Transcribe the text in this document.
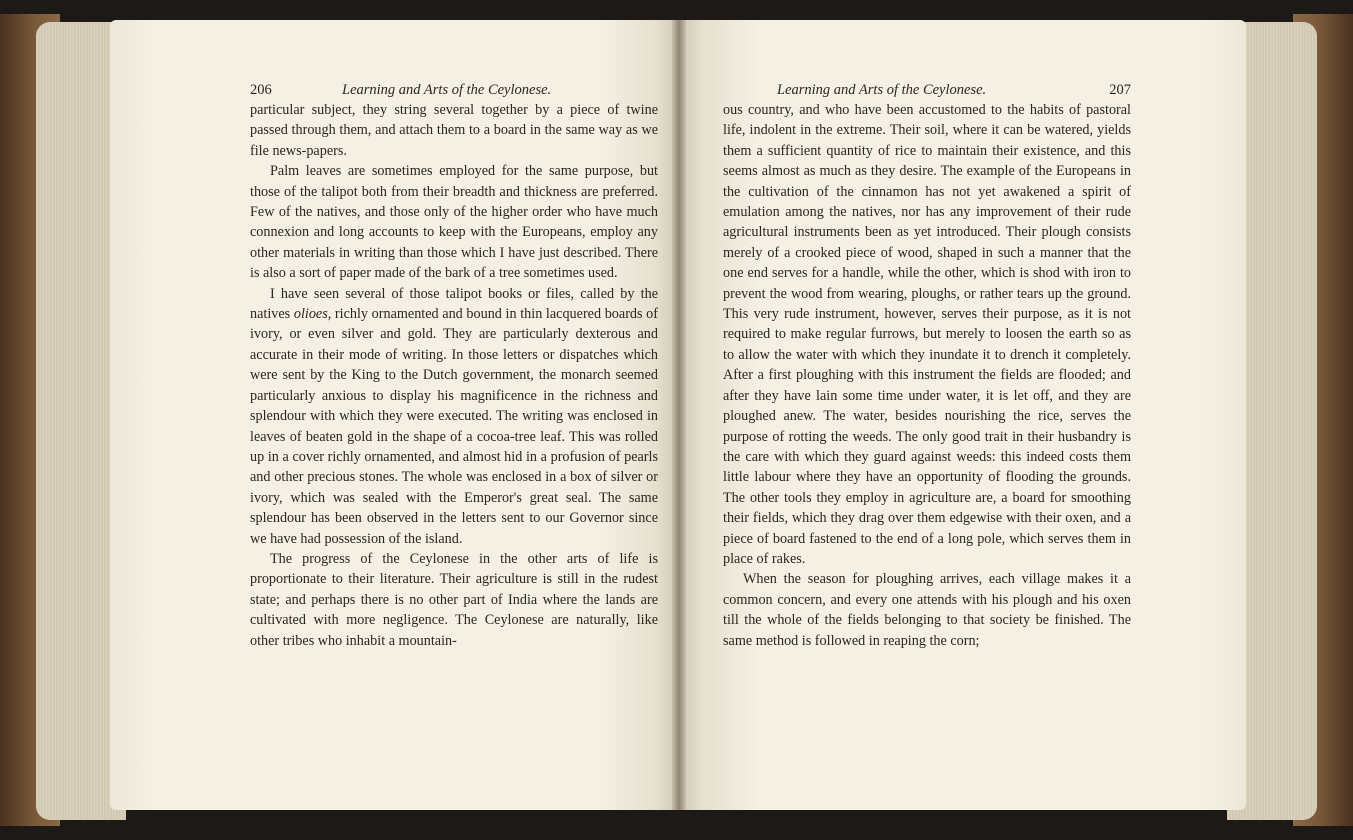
206	Learning and Arts of the Ceylonese.	Learning and Arts of the Ceylonese.	207

particular subject, they string several together by a piece of twine passed through them, and attach them to a board in the same way as we file news-papers.

Palm leaves are sometimes employed for the same purpose, but those of the talipot both from their breadth and thickness are preferred. Few of the natives, and those only of the higher order who have much connexion and long accounts to keep with the Europeans, employ any other materials in writing than those which I have just described. There is also a sort of paper made of the bark of a tree sometimes used.

I have seen several of those talipot books or files, called by the natives olioes, richly ornamented and bound in thin lacquered boards of ivory, or even silver and gold. They are particularly dexterous and accurate in their mode of writing. In those letters or dispatches which were sent by the King to the Dutch government, the monarch seemed particularly anxious to display his magnificence in the richness and splendour with which they were executed. The writing was enclosed in leaves of beaten gold in the shape of a cocoa-tree leaf. This was rolled up in a cover richly ornamented, and almost hid in a profusion of pearls and other precious stones. The whole was enclosed in a box of silver or ivory, which was sealed with the Emperor's great seal. The same splendour has been observed in the letters sent to our Governor since we have had possession of the island.

The progress of the Ceylonese in the other arts of life is proportionate to their literature. Their agriculture is still in the rudest state; and perhaps there is no other part of India where the lands are cultivated with more negligence. The Ceylonese are naturally, like other tribes who inhabit a mountain-

ous country, and who have been accustomed to the habits of pastoral life, indolent in the extreme. Their soil, where it can be watered, yields them a sufficient quantity of rice to maintain their existence, and this seems almost as much as they desire. The example of the Europeans in the cultivation of the cinnamon has not yet awakened a spirit of emulation among the natives, nor has any improvement of their rude agricultural instruments been as yet introduced. Their plough consists merely of a crooked piece of wood, shaped in such a manner that the one end serves for a handle, while the other, which is shod with iron to prevent the wood from wearing, ploughs, or rather tears up the ground. This very rude instrument, however, serves their purpose, as it is not required to make regular furrows, but merely to loosen the earth so as to allow the water with which they inundate it to drench it completely. After a first ploughing with this instrument the fields are flooded; and after they have lain some time under water, it is let off, and they are ploughed anew. The water, besides nourishing the rice, serves the purpose of rotting the weeds. The only good trait in their husbandry is the care with which they guard against weeds: this indeed costs them little labour where they have an opportunity of flooding the grounds. The other tools they employ in agriculture are, a board for smoothing their fields, which they drag over them edgewise with their oxen, and a piece of board fastened to the end of a long pole, which serves them in place of rakes.

When the season for ploughing arrives, each village makes it a common concern, and every one attends with his plough and his oxen till the whole of the fields belonging to that society be finished. The same method is followed in reaping the corn;
